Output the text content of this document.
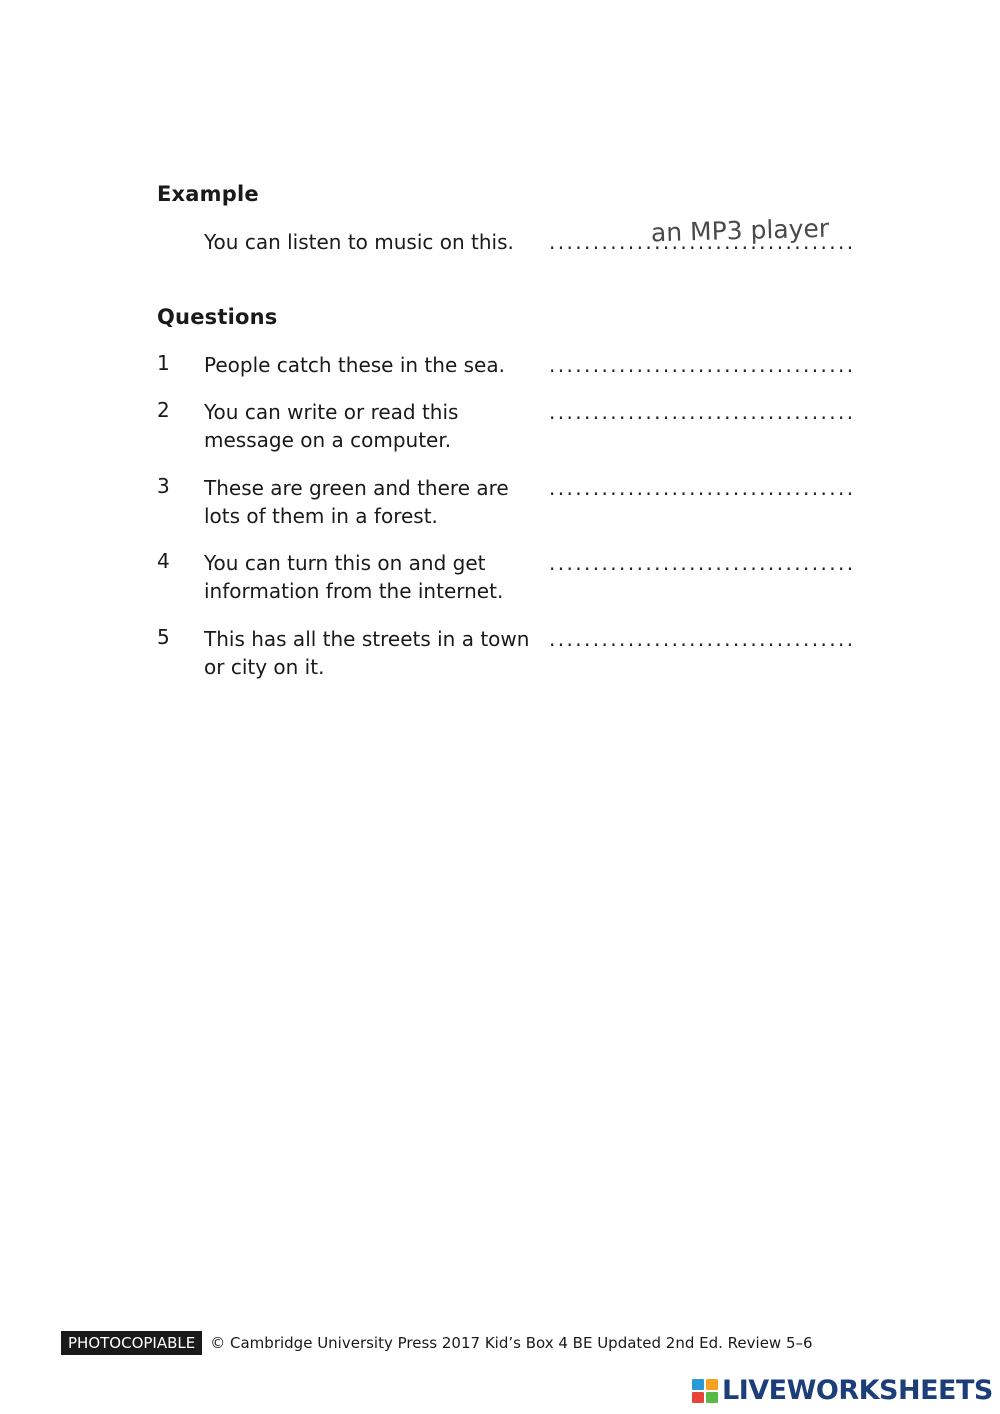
Example
You can listen to music on this.	...................................
an MP3 player
Questions
1 People catch these in the sea.	...................................
2 You can write or read this message on a computer.
...................................
3 These are green and there are lots of them in a forest.
...................................
4 You can turn this on and get information from the internet.
...................................
5 This has all the streets in a town or city on it.
...................................
PHOTOCOPIABLE	© Cambridge University Press 2017 Kid’s Box 4 BE Updated 2nd Ed. Review 5–6
LIVEWORKSHEETS
